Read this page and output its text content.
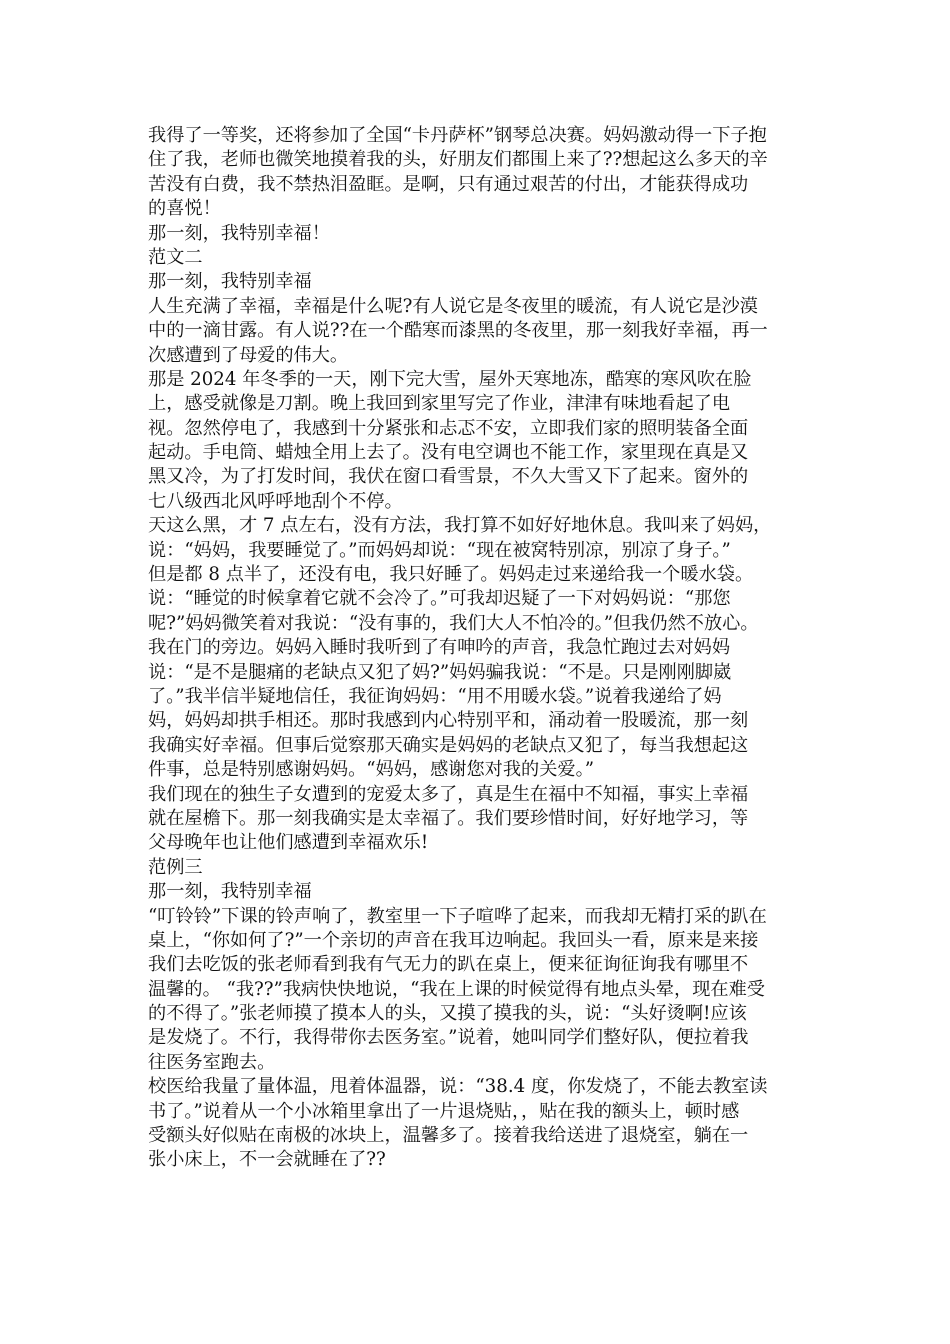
我得了一等奖，还将参加了全国“卡丹萨杯”钢琴总决赛。妈妈激动得一下子抱
住了我，老师也微笑地摸着我的头，好朋友们都围上来了??想起这么多天的辛
苦没有白费，我不禁热泪盈眶。是啊，只有通过艰苦的付出，才能获得成功
的喜悦！
那一刻，我特别幸福！
范文二
那一刻，我特别幸福
人生充满了幸福，幸福是什么呢?有人说它是冬夜里的暖流，有人说它是沙漠
中的一滴甘露。有人说??在一个酷寒而漆黑的冬夜里，那一刻我好幸福，再一
次感遭到了母爱的伟大。
那是 2024 年冬季的一天，刚下完大雪，屋外天寒地冻，酷寒的寒风吹在脸
上，感受就像是刀割。晚上我回到家里写完了作业，津津有味地看起了电
视。忽然停电了，我感到十分紧张和忐忑不安，立即我们家的照明装备全面
起动。手电筒、蜡烛全用上去了。没有电空调也不能工作，家里现在真是又
黑又冷，为了打发时间，我伏在窗口看雪景，不久大雪又下了起来。窗外的
七八级西北风呼呼地刮个不停。
天这么黑，才 7 点左右，没有方法，我打算不如好好地休息。我叫来了妈妈，
说：“妈妈，我要睡觉了。”而妈妈却说：“现在被窝特别凉，别凉了身子。”
但是都 8 点半了，还没有电，我只好睡了。妈妈走过来递给我一个暖水袋。
说：“睡觉的时候拿着它就不会冷了。”可我却迟疑了一下对妈妈说：“那您
呢?”妈妈微笑着对我说：“没有事的，我们大人不怕冷的。”但我仍然不放心。
我在门的旁边。妈妈入睡时我听到了有呻吟的声音，我急忙跑过去对妈妈
说：“是不是腿痛的老缺点又犯了妈?”妈妈骗我说：“不是。只是刚刚脚崴
了。”我半信半疑地信任，我征询妈妈：“用不用暖水袋。”说着我递给了妈
妈，妈妈却拱手相还。那时我感到内心特别平和，涌动着一股暖流，那一刻
我确实好幸福。但事后觉察那天确实是妈妈的老缺点又犯了，每当我想起这
件事，总是特别感谢妈妈。“妈妈，感谢您对我的关爱。”
我们现在的独生子女遭到的宠爱太多了，真是生在福中不知福，事实上幸福
就在屋檐下。那一刻我确实是太幸福了。我们要珍惜时间，好好地学习，等
父母晚年也让他们感遭到幸福欢乐!
范例三
那一刻，我特别幸福
“叮铃铃”下课的铃声响了，教室里一下子喧哗了起来，而我却无精打采的趴在
桌上，“你如何了?”一个亲切的声音在我耳边响起。我回头一看，原来是来接
我们去吃饭的张老师看到我有气无力的趴在桌上，便来征询征询我有哪里不
温馨的。 “我??”我病快快地说，“我在上课的时候觉得有地点头晕，现在难受
的不得了。”张老师摸了摸本人的头，又摸了摸我的头，说：“头好烫啊!应该
是发烧了。不行，我得带你去医务室。”说着，她叫同学们整好队，便拉着我
往医务室跑去。
校医给我量了量体温，甩着体温器，说：“38.4 度，你发烧了，不能去教室读
书了。”说着从一个小冰箱里拿出了一片退烧贴，，贴在我的额头上，顿时感
受额头好似贴在南极的冰块上，温馨多了。接着我给送进了退烧室，躺在一
张小床上，不一会就睡在了??
